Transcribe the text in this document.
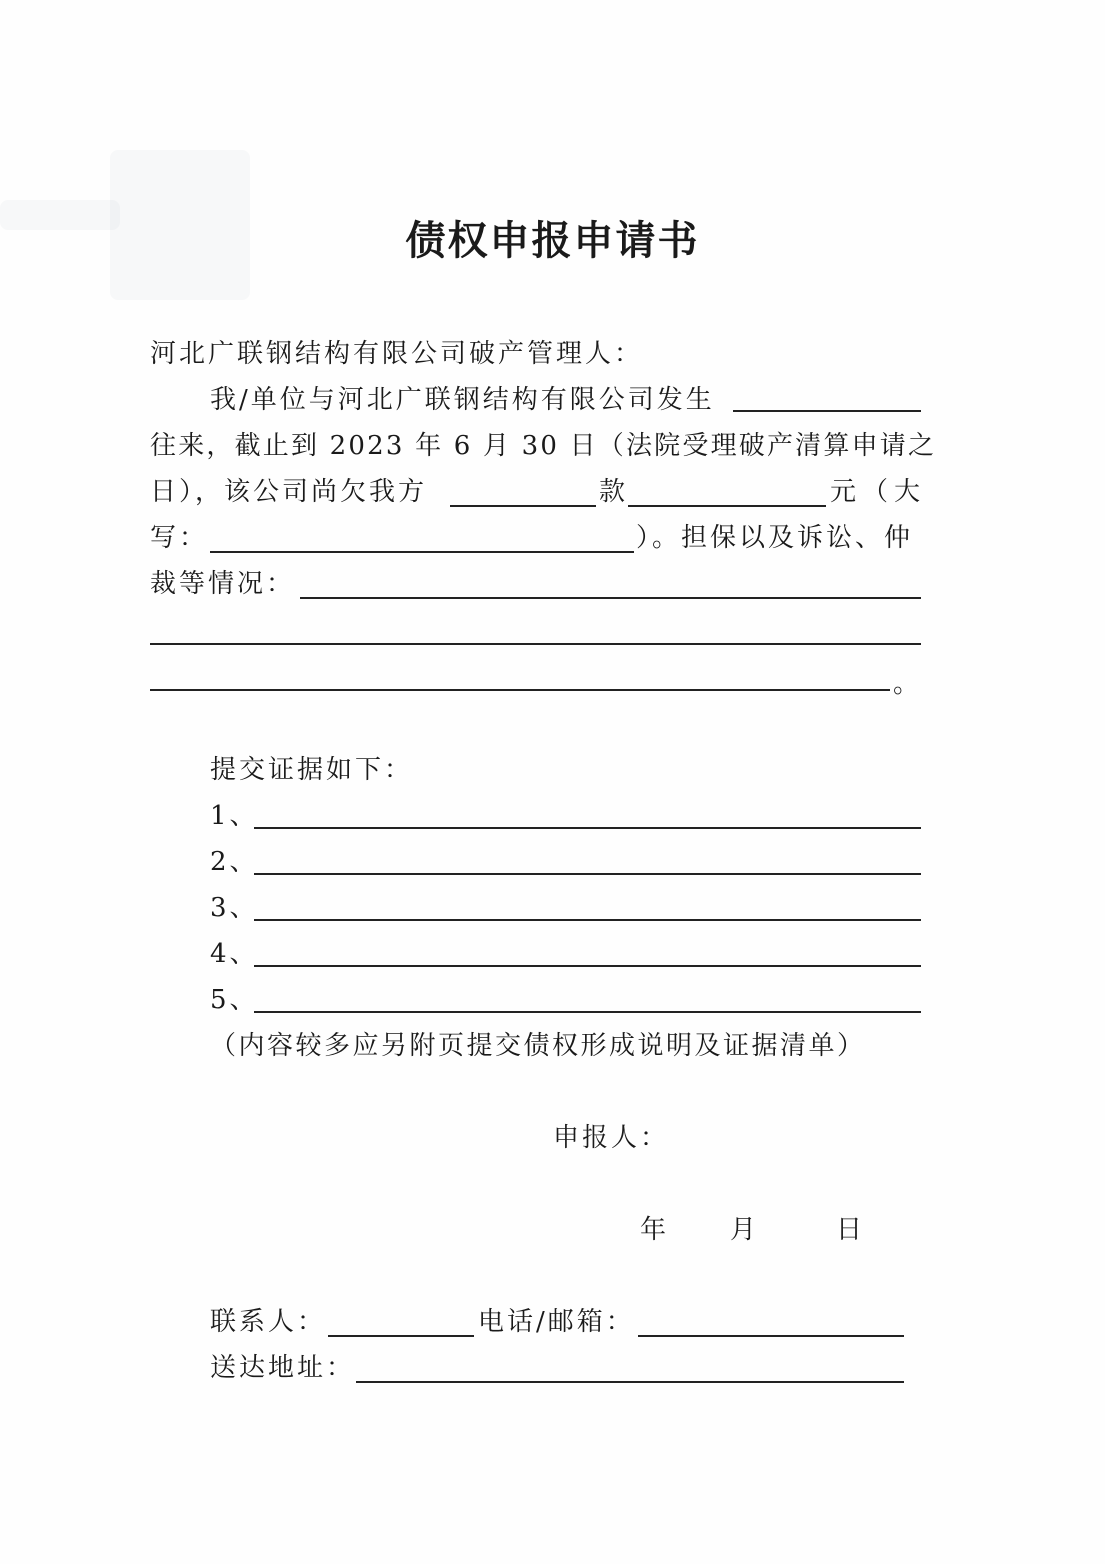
债权申报申请书
河北广联钢结构有限公司破产管理人：
我/单位与河北广联钢结构有限公司发生
往来，截止到 2023 年 6 月 30 日（法院受理破产清算申请之
日），该公司尚欠我方	款	元（大
写：	）。担保以及诉讼、仲
裁等情况：
。
提交证据如下：
1、
2、
3、
4、
5、
（内容较多应另附页提交债权形成说明及证据清单）
申报人：
年 月	日
联系人：	电话/邮箱：
送达地址：
